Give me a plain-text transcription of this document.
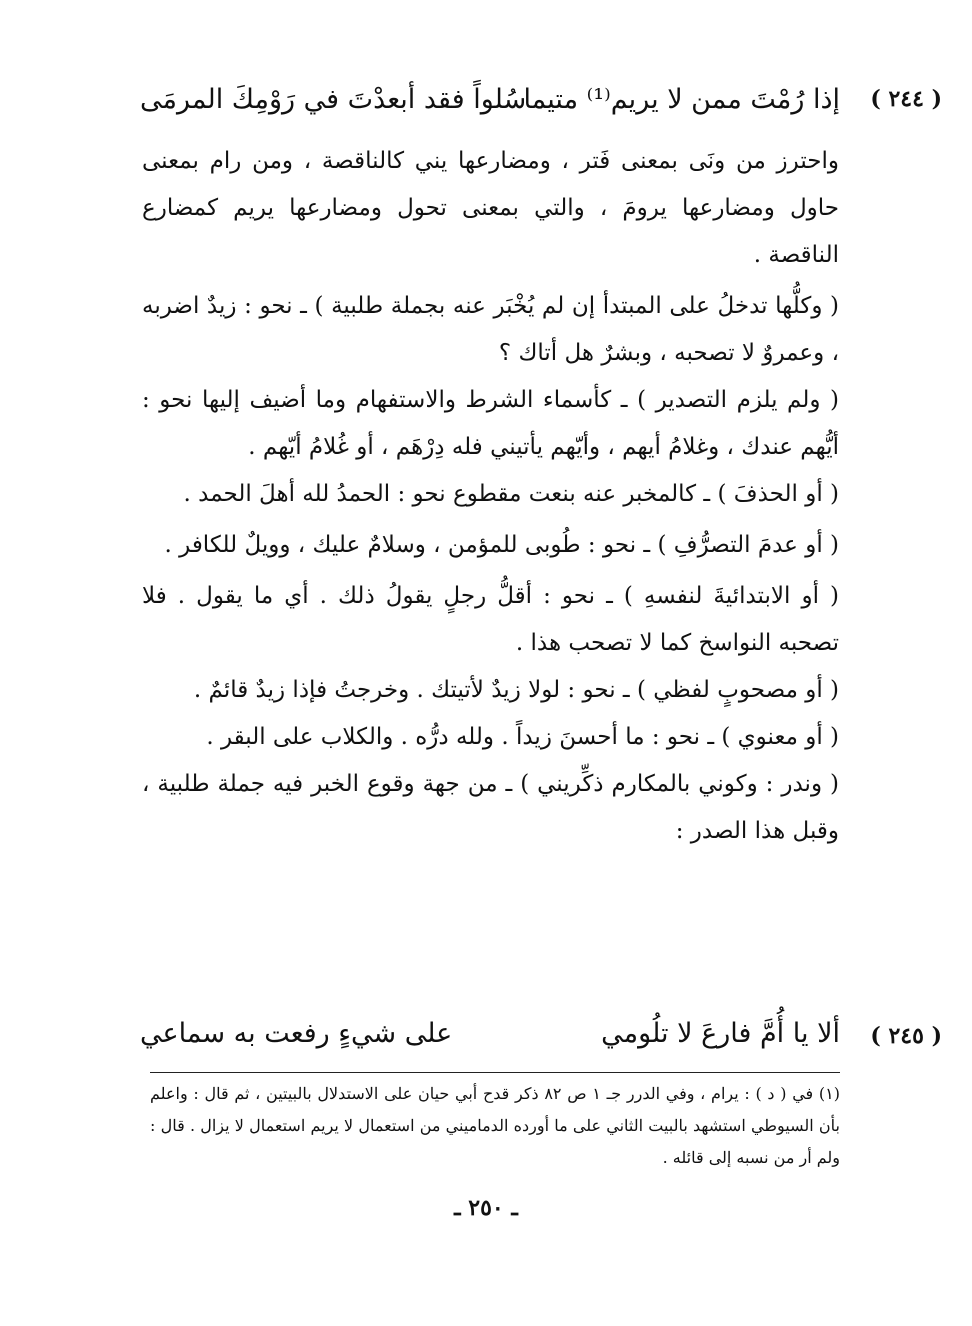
( ٢٤٤ )
إذا رُمْتَ ممن لا يريم⁽¹⁾ متيما
سُلواً فقد أبعدْتَ في رَوْمِكَ المرمَى

واحترز من ونَى بمعنى فَتر ، ومضارعها يني كالناقصة ، ومن رام بمعنى حاول ومضارعها يرومَ ، والتي بمعنى تحول ومضارعها يريم كمضارع الناقصة .

( وكلُّها تدخلُ على المبتدأ إن لم يُخْبَر عنه بجملة طلبية ) ـ نحو : زيدٌ اضربه ، وعمروٌ لا تصحبه ، وبشرٌ هل أتاك ؟

( ولم يلزم التصدير ) ـ كأسماء الشرط والاستفهام وما أضيف إليها نحو : أيُّهم عندك ، وغلامُ أيهم ، وأيّهم يأتيني فله دِرْهَم ، أو غُلامُ أيّهم .

( أو الحذفَ ) ـ كالمخبر عنه بنعت مقطوع نحو : الحمدُ لله أهلَ الحمد .

( أو عدمَ التصرُّفِ ) ـ نحو : طُوبى للمؤمن ، وسلامٌ عليك ، وويلٌ للكافر .

( أو الابتدائيةَ لنفسهِ ) ـ نحو : أقلُّ رجلٍ يقولُ ذلك . أي ما يقول . فلا تصحبه النواسخ كما لا تصحب هذا .

( أو مصحوبٍ لفظي ) ـ نحو : لولا زيدٌ لأتيتك . وخرجتُ فإذا زيدٌ قائمٌ .

( أو معنوي ) ـ نحو : ما أحسنَ زيداً . ولله درُّه . والكلاب على البقر .

( وندر : وكوني بالمكارم ذكِّريني ) ـ من جهة وقوع الخبر فيه جملة طلبية ، وقبل هذا الصدر :

( ٢٤٥ )
ألا يا أُمَّ فارعَ لا تلُومي
على شيءٍ رفعت به سماعي
(١) في ( د ) : يرام ، وفي الدرر جـ ١ ص ٨٢ ذكر قدح أبي حيان على الاستدلال بالبيتين ، ثم قال : واعلم بأن السيوطي استشهد بالبيت الثاني على ما أورده الدماميني من استعمال لا يريم استعمال لا يزال . قال : ولم أر من نسبه إلى قائله .
ـ ٢٥٠ ـ
